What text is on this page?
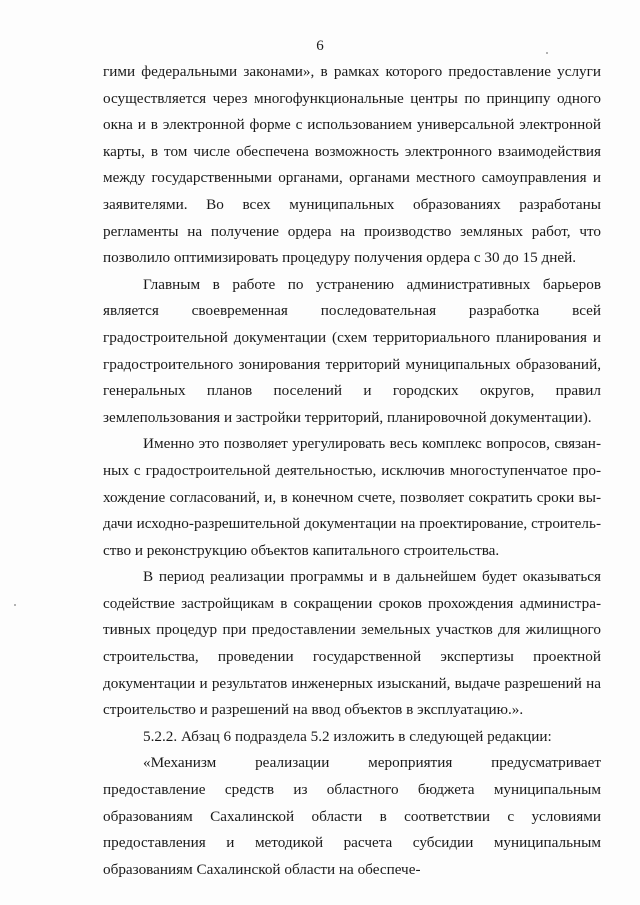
6

гими федеральными законами», в рамках которого предоставление услуги осуществляется через многофункциональные центры по принципу одного окна и в электронной форме с использованием универсальной электронной карты, в том числе обеспечена возможность электронного взаимодействия между государственными органами, органами местного самоуправления и заявителями. Во всех муниципальных образованиях разработаны регламенты на получение ордера на производство земляных работ, что позволило оптимизировать процедуру получения ордера с 30 до 15 дней.

Главным в работе по устранению административных барьеров является своевременная последовательная разработка всей градостроительной документации (схем территориального планирования и градостроительного зонирования территорий муниципальных образований, генеральных планов поселений и городских округов, правил землепользования и застройки территорий, планировочной документации).

Именно это позволяет урегулировать весь комплекс вопросов, связанных с градостроительной деятельностью, исключив многоступенчатое прохождение согласований, и, в конечном счете, позволяет сократить сроки выдачи исходно-разрешительной документации на проектирование, строительство и реконструкцию объектов капитального строительства.

В период реализации программы и в дальнейшем будет оказываться содействие застройщикам в сокращении сроков прохождения административных процедур при предоставлении земельных участков для жилищного строительства, проведении государственной экспертизы проектной документации и результатов инженерных изысканий, выдаче разрешений на строительство и разрешений на ввод объектов в эксплуатацию.».

5.2.2. Абзац 6 подраздела 5.2 изложить в следующей редакции:

«Механизм реализации мероприятия предусматривает предоставление средств из областного бюджета муниципальным образованиям Сахалинской области в соответствии с условиями предоставления и методикой расчета субсидии муниципальным образованиям Сахалинской области на обеспече-
